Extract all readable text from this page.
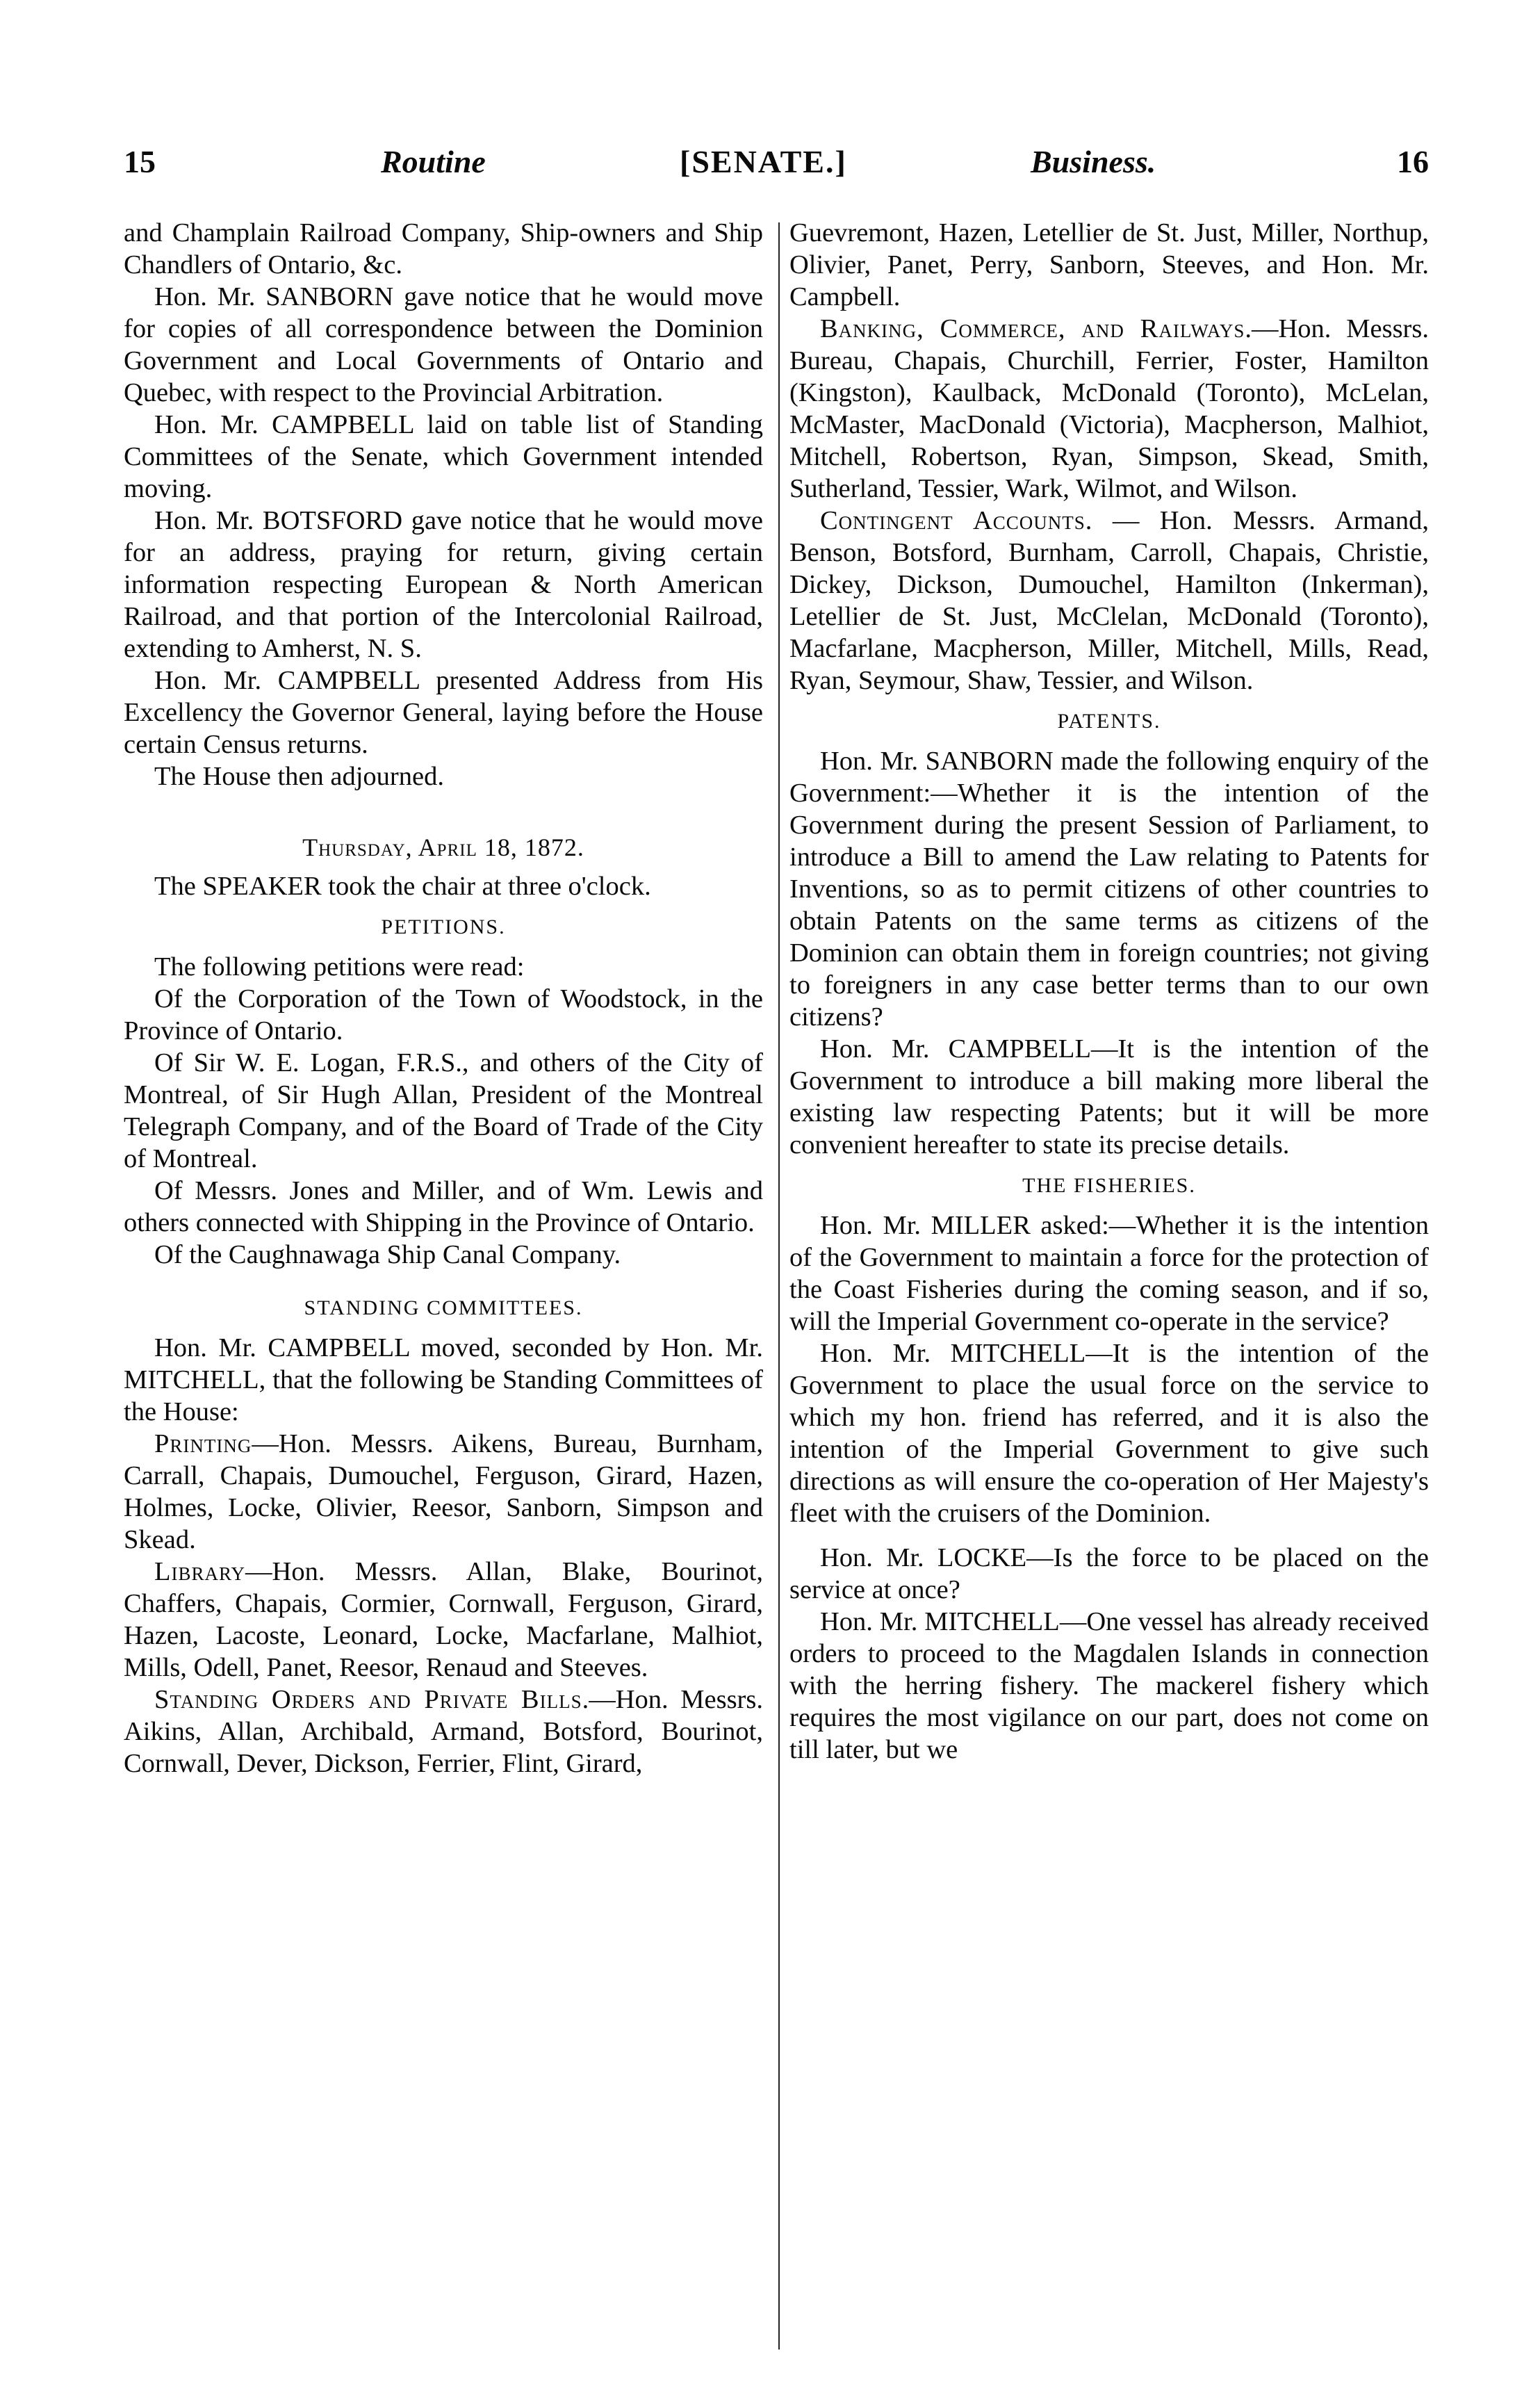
15	Routine	[SENATE.]	Business.	16

and Champlain Railroad Company, Ship-owners and Ship Chandlers of Ontario, &c.

Hon. Mr. SANBORN gave notice that he would move for copies of all correspondence between the Dominion Government and Local Governments of Ontario and Quebec, with respect to the Provincial Arbitration.

Hon. Mr. CAMPBELL laid on table list of Standing Committees of the Senate, which Government intended moving.

Hon. Mr. BOTSFORD gave notice that he would move for an address, praying for return, giving certain information respecting European & North American Railroad, and that portion of the Intercolonial Railroad, extending to Amherst, N. S.

Hon. Mr. CAMPBELL presented Address from His Excellency the Governor General, laying before the House certain Census returns.

The House then adjourned.

Thursday, April 18, 1872.

The SPEAKER took the chair at three o'clock.

PETITIONS.

The following petitions were read:

Of the Corporation of the Town of Woodstock, in the Province of Ontario.

Of Sir W. E. Logan, F.R.S., and others of the City of Montreal, of Sir Hugh Allan, President of the Montreal Telegraph Company, and of the Board of Trade of the City of Montreal.

Of Messrs. Jones and Miller, and of Wm. Lewis and others connected with Shipping in the Province of Ontario.

Of the Caughnawaga Ship Canal Company.

STANDING COMMITTEES.

Hon. Mr. CAMPBELL moved, seconded by Hon. Mr. MITCHELL, that the following be Standing Committees of the House:

Printing—Hon. Messrs. Aikens, Bureau, Burnham, Carrall, Chapais, Dumouchel, Ferguson, Girard, Hazen, Holmes, Locke, Olivier, Reesor, Sanborn, Simpson and Skead.

Library—Hon. Messrs. Allan, Blake, Bourinot, Chaffers, Chapais, Cormier, Cornwall, Ferguson, Girard, Hazen, Lacoste, Leonard, Locke, Macfarlane, Malhiot, Mills, Odell, Panet, Reesor, Renaud and Steeves.

Standing Orders and Private Bills.—Hon. Messrs. Aikins, Allan, Archibald, Armand, Botsford, Bourinot, Cornwall, Dever, Dickson, Ferrier, Flint, Girard,

Guevremont, Hazen, Letellier de St. Just, Miller, Northup, Olivier, Panet, Perry, Sanborn, Steeves, and Hon. Mr. Campbell.

Banking, Commerce, and Railways.—Hon. Messrs. Bureau, Chapais, Churchill, Ferrier, Foster, Hamilton (Kingston), Kaulback, McDonald (Toronto), McLelan, McMaster, MacDonald (Victoria), Macpherson, Malhiot, Mitchell, Robertson, Ryan, Simpson, Skead, Smith, Sutherland, Tessier, Wark, Wilmot, and Wilson.

Contingent Accounts. — Hon. Messrs. Armand, Benson, Botsford, Burnham, Carroll, Chapais, Christie, Dickey, Dickson, Dumouchel, Hamilton (Inkerman), Letellier de St. Just, McClelan, McDonald (Toronto), Macfarlane, Macpherson, Miller, Mitchell, Mills, Read, Ryan, Seymour, Shaw, Tessier, and Wilson.

PATENTS.

Hon. Mr. SANBORN made the following enquiry of the Government:—Whether it is the intention of the Government during the present Session of Parliament, to introduce a Bill to amend the Law relating to Patents for Inventions, so as to permit citizens of other countries to obtain Patents on the same terms as citizens of the Dominion can obtain them in foreign countries; not giving to foreigners in any case better terms than to our own citizens?

Hon. Mr. CAMPBELL—It is the intention of the Government to introduce a bill making more liberal the existing law respecting Patents; but it will be more convenient hereafter to state its precise details.

THE FISHERIES.

Hon. Mr. MILLER asked:—Whether it is the intention of the Government to maintain a force for the protection of the Coast Fisheries during the coming season, and if so, will the Imperial Government co-operate in the service?

Hon. Mr. MITCHELL—It is the intention of the Government to place the usual force on the service to which my hon. friend has referred, and it is also the intention of the Imperial Government to give such directions as will ensure the co-operation of Her Majesty's fleet with the cruisers of the Dominion.

Hon. Mr. LOCKE—Is the force to be placed on the service at once?

Hon. Mr. MITCHELL—One vessel has already received orders to proceed to the Magdalen Islands in connection with the herring fishery. The mackerel fishery which requires the most vigilance on our part, does not come on till later, but we
